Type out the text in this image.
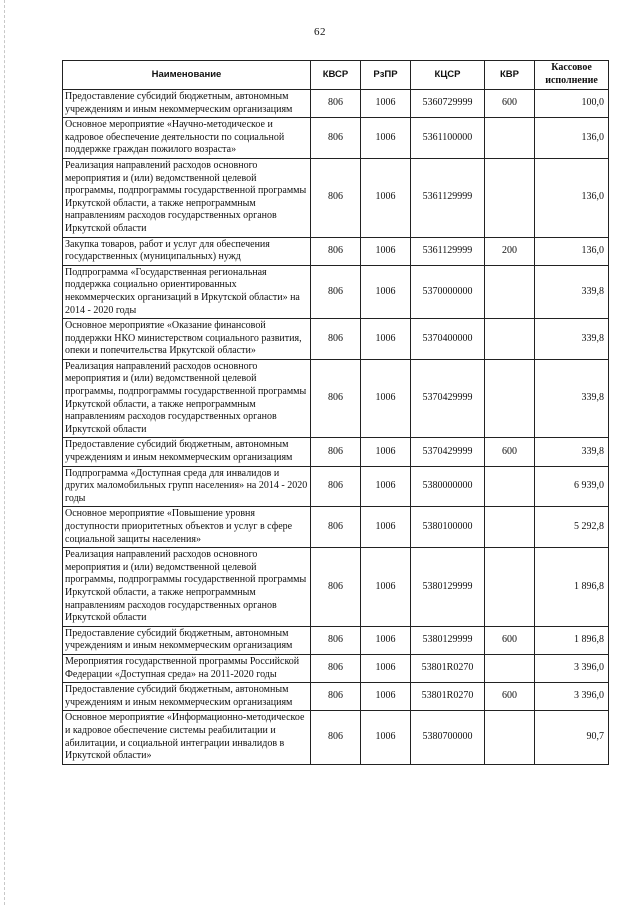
62
Наименование	КВСР	РзПР	КЦСР	КВР	Кассовое исполнение
Предоставление субсидий бюджетным, автономным учреждениям и иным некоммерческим организациям	806	1006	5360729999	600	100,0
Основное мероприятие «Научно-методическое и кадровое обеспечение деятельности по социальной поддержке граждан пожилого возраста»	806	1006	5361100000		136,0
Реализация направлений расходов основного мероприятия и (или) ведомственной целевой программы, подпрограммы государственной программы Иркутской области, а также непрограммным направлениям расходов государственных органов Иркутской области	806	1006	5361129999		136,0
Закупка товаров, работ и услуг для обеспечения государственных (муниципальных) нужд	806	1006	5361129999	200	136,0
Подпрограмма «Государственная региональная поддержка социально ориентированных некоммерческих организаций в Иркутской области» на 2014 - 2020 годы	806	1006	5370000000		339,8
Основное мероприятие «Оказание финансовой поддержки НКО министерством социального развития, опеки и попечительства Иркутской области»	806	1006	5370400000		339,8
Реализация направлений расходов основного мероприятия и (или) ведомственной целевой программы, подпрограммы государственной программы Иркутской области, а также непрограммным направлениям расходов государственных органов Иркутской области	806	1006	5370429999		339,8
Предоставление субсидий бюджетным, автономным учреждениям и иным некоммерческим организациям	806	1006	5370429999	600	339,8
Подпрограмма «Доступная среда для инвалидов и других маломобильных групп населения» на 2014 - 2020 годы	806	1006	5380000000		6 939,0
Основное мероприятие «Повышение уровня доступности приоритетных объектов и услуг в сфере социальной защиты населения»	806	1006	5380100000		5 292,8
Реализация направлений расходов основного мероприятия и (или) ведомственной целевой программы, подпрограммы государственной программы Иркутской области, а также непрограммным направлениям расходов государственных органов Иркутской области	806	1006	5380129999		1 896,8
Предоставление субсидий бюджетным, автономным учреждениям и иным некоммерческим организациям	806	1006	5380129999	600	1 896,8
Мероприятия государственной программы Российской Федерации «Доступная среда» на 2011-2020 годы	806	1006	53801R0270		3 396,0
Предоставление субсидий бюджетным, автономным учреждениям и иным некоммерческим организациям	806	1006	53801R0270	600	3 396,0
Основное мероприятие «Информационно-методическое и кадровое обеспечение системы реабилитации и абилитации, и социальной интеграции инвалидов в Иркутской области»	806	1006	5380700000		90,7
